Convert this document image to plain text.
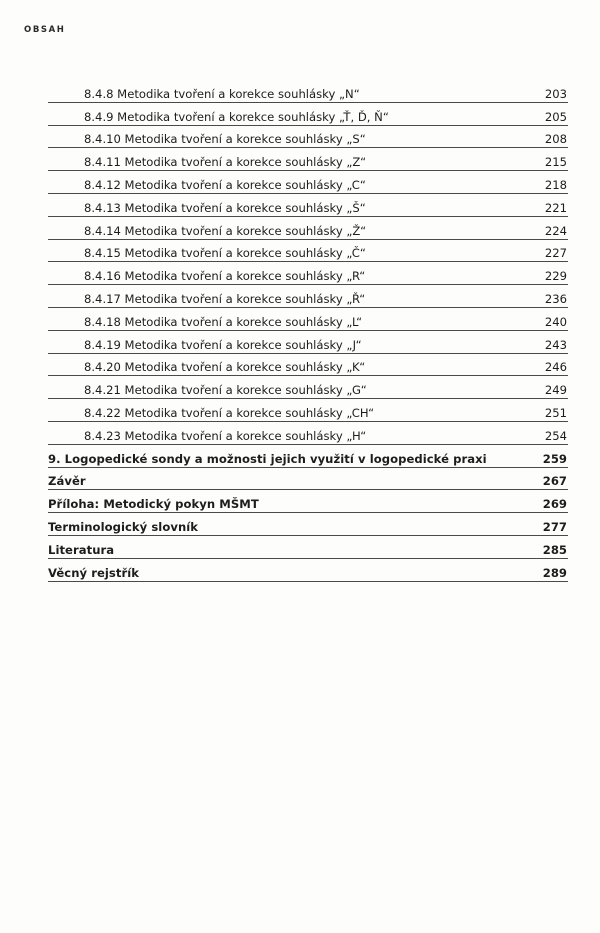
OBSAH
8.4.8 Metodika tvoření a korekce souhlásky „N“	203
8.4.9 Metodika tvoření a korekce souhlásky „Ť, Ď, Ň“	205
8.4.10 Metodika tvoření a korekce souhlásky „S“	208
8.4.11 Metodika tvoření a korekce souhlásky „Z“	215
8.4.12 Metodika tvoření a korekce souhlásky „C“	218
8.4.13 Metodika tvoření a korekce souhlásky „Š“	221
8.4.14 Metodika tvoření a korekce souhlásky „Ž“	224
8.4.15 Metodika tvoření a korekce souhlásky „Č“	227
8.4.16 Metodika tvoření a korekce souhlásky „R“	229
8.4.17 Metodika tvoření a korekce souhlásky „Ř“	236
8.4.18 Metodika tvoření a korekce souhlásky „L“	240
8.4.19 Metodika tvoření a korekce souhlásky „J“	243
8.4.20 Metodika tvoření a korekce souhlásky „K“	246
8.4.21 Metodika tvoření a korekce souhlásky „G“	249
8.4.22 Metodika tvoření a korekce souhlásky „CH“	251
8.4.23 Metodika tvoření a korekce souhlásky „H“	254
9. Logopedické sondy a možnosti jejich využití v logopedické praxi	259
Závěr	267
Příloha: Metodický pokyn MŠMT	269
Terminologický slovník	277
Literatura	285
Věcný rejstřík	289
